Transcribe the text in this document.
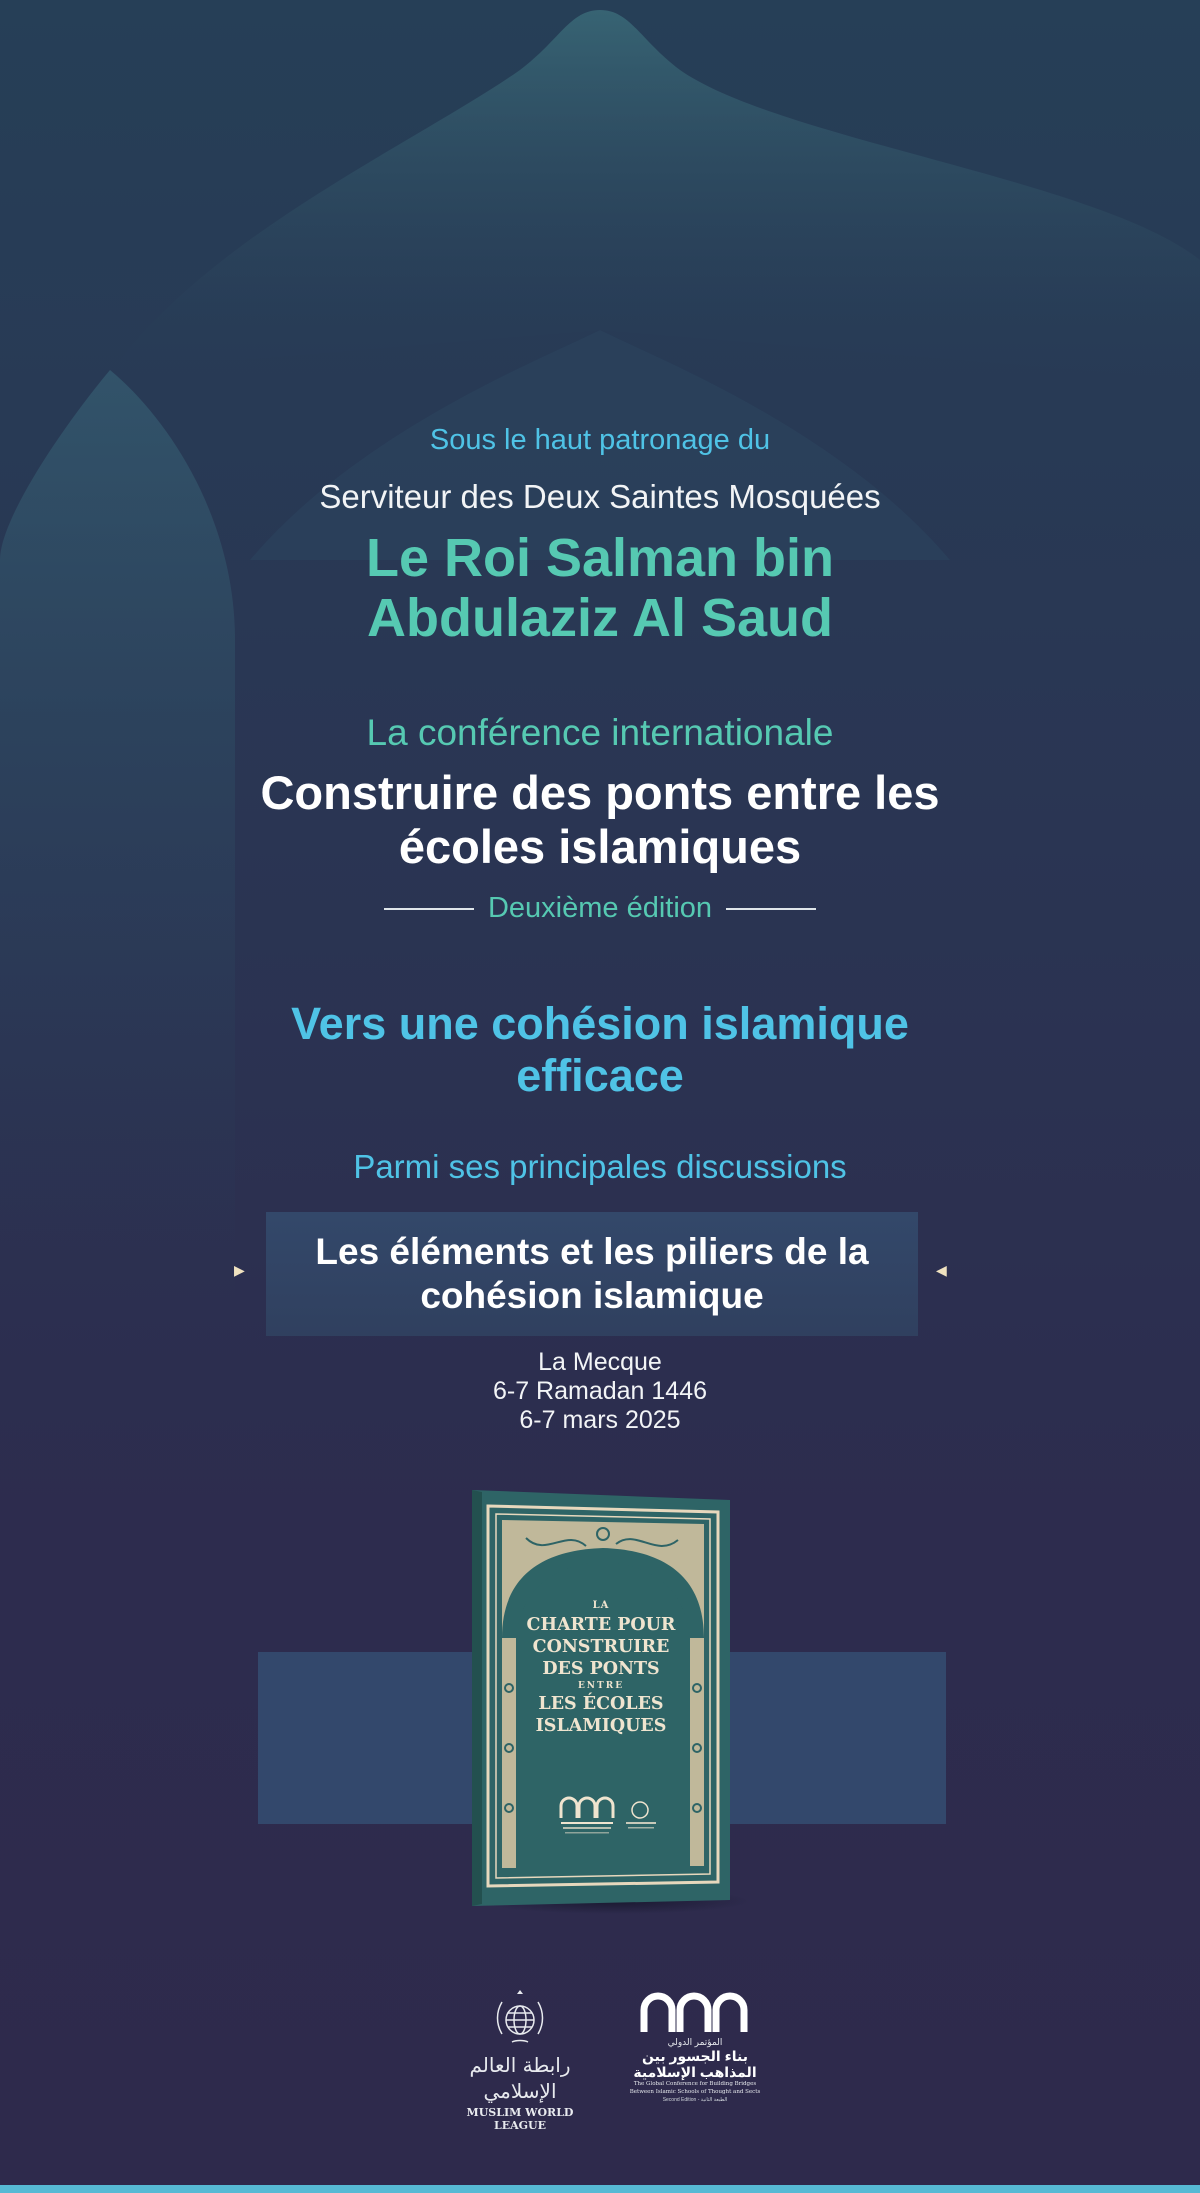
Sous le haut patronage du
Serviteur des Deux Saintes Mosquées
Le Roi Salman bin
Abdulaziz Al Saud
La conférence internationale
Construire des ponts entre les
écoles islamiques
Deuxième édition
Vers une cohésion islamique
efficace
Parmi ses principales discussions
▶ Les éléments et les piliers de la
cohésion islamique
◀
La Mecque
6-7 Ramadan 1446
6-7 mars 2025
LA
CHARTE POUR
CONSTRUIRE
DES PONTS
ENTRE
LES ÉCOLES
ISLAMIQUES
رابطة العالم الإسلامي
MUSLIM WORLD LEAGUE
المؤتمر الدولي
بناء الجسور بين
المذاهب الإسلامية
The Global Conference for Building Bridges
Between Islamic Schools of Thought and Sects
Second Edition - الطبعة الثانية
